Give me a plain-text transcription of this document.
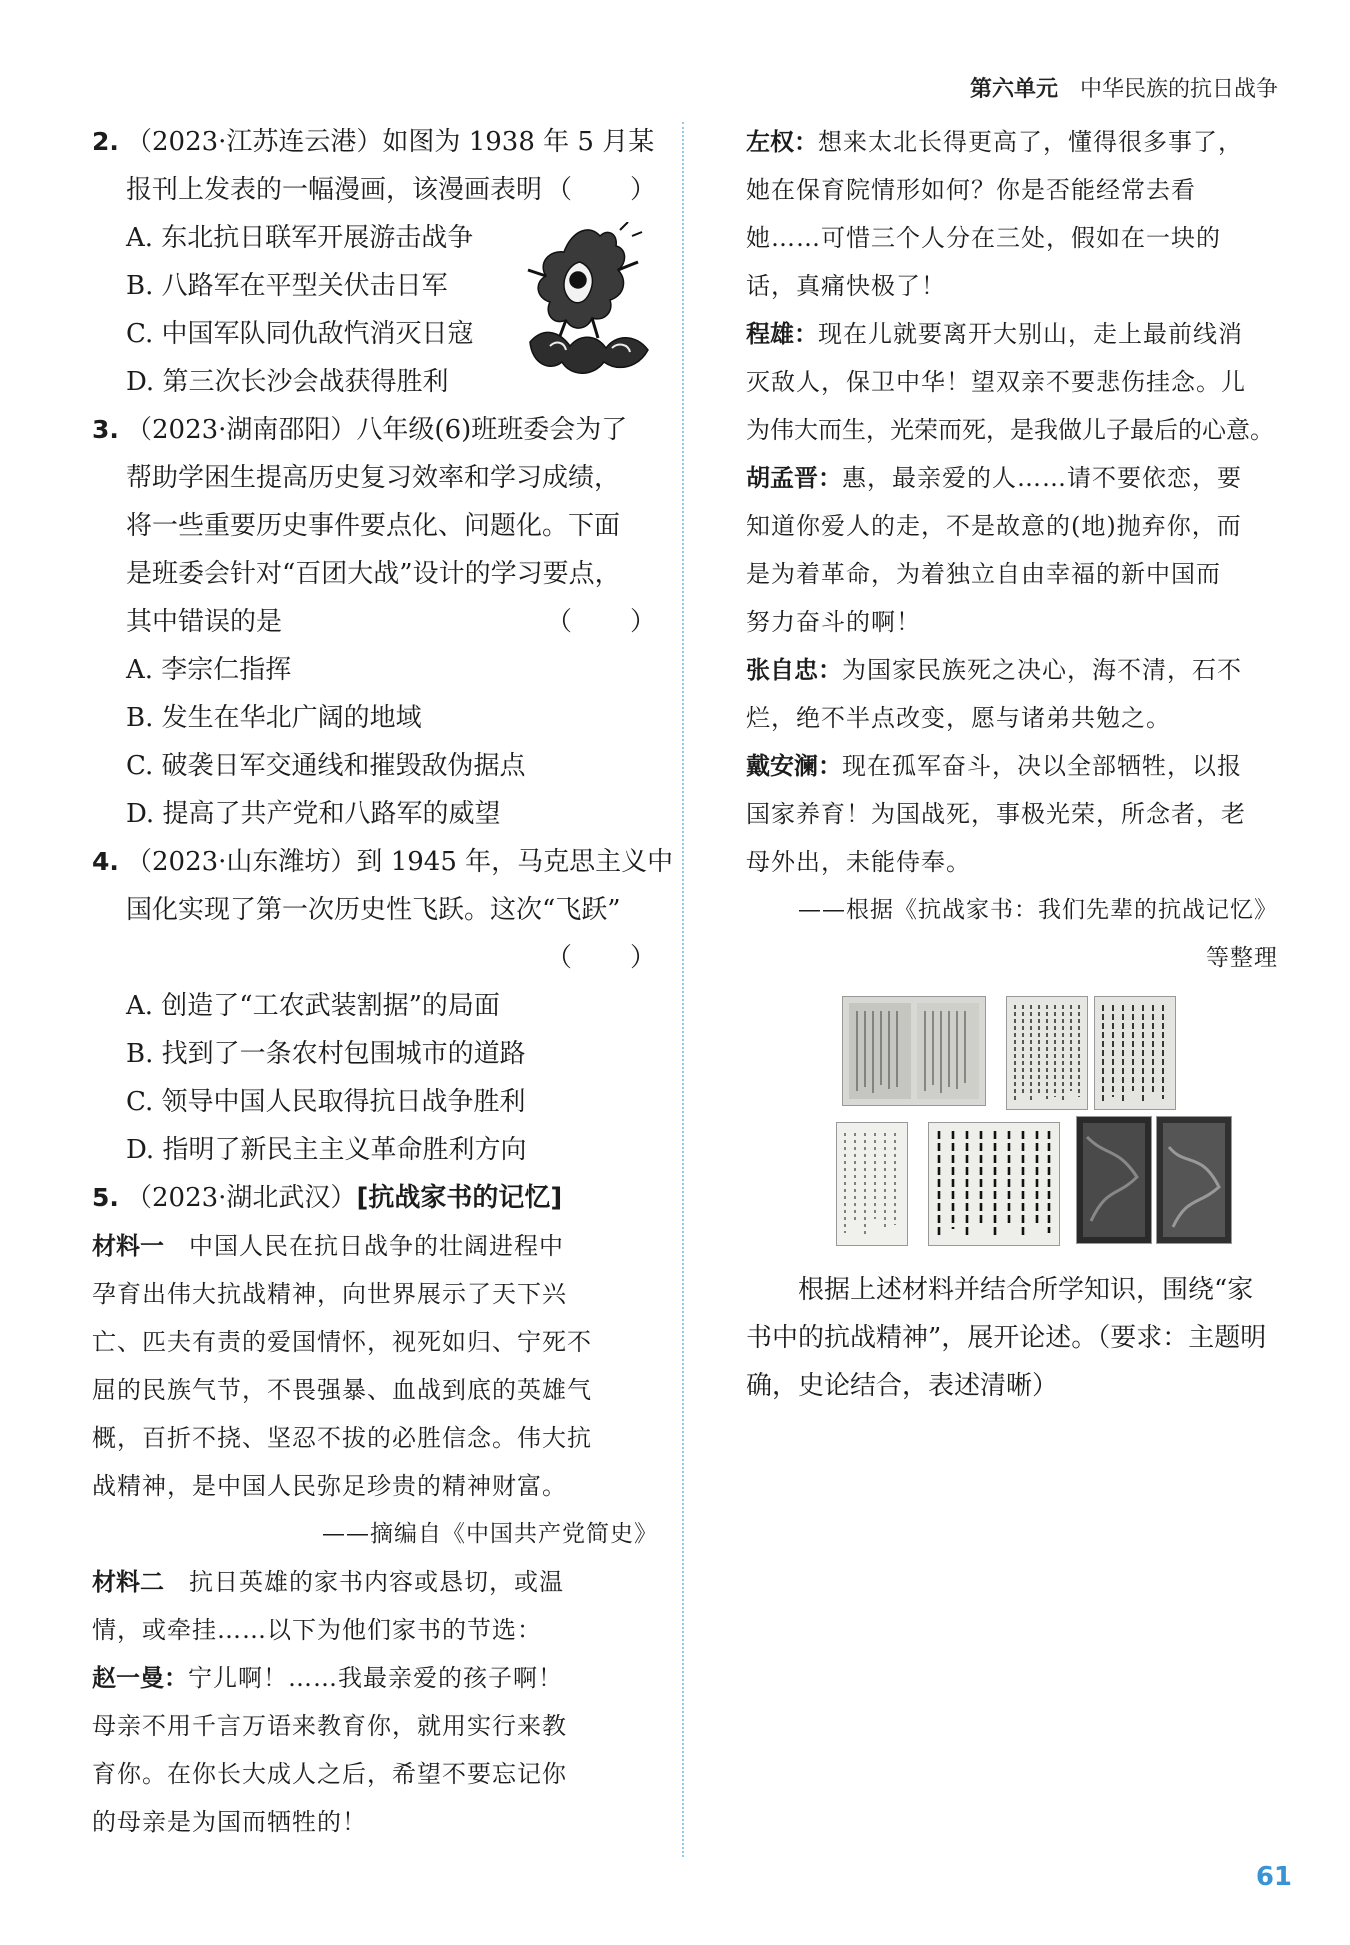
第六单元 中华民族的抗日战争
2. （2023·江苏连云港）如图为 1938 年 5 月某
报刊上发表的一幅漫画，该漫画表明 （　　）
A. 东北抗日联军开展游击战争
B. 八路军在平型关伏击日军
C. 中国军队同仇敌忾消灭日寇
D. 第三次长沙会战获得胜利
3. （2023·湖南邵阳）八年级(6)班班委会为了
帮助学困生提高历史复习效率和学习成绩，
将一些重要历史事件要点化、问题化。下面
是班委会针对“百团大战”设计的学习要点，
其中错误的是	（　　）
A. 李宗仁指挥
B. 发生在华北广阔的地域
C. 破袭日军交通线和摧毁敌伪据点
D. 提高了共产党和八路军的威望
4. （2023·山东潍坊）到 1945 年，马克思主义中
国化实现了第一次历史性飞跃。这次“飞跃”
（　　）
A. 创造了“工农武装割据”的局面
B. 找到了一条农村包围城市的道路
C. 领导中国人民取得抗日战争胜利
D. 指明了新民主主义革命胜利方向
5. （2023·湖北武汉）[抗战家书的记忆]
材料一　中国人民在抗日战争的壮阔进程中
孕育出伟大抗战精神，向世界展示了天下兴
亡、匹夫有责的爱国情怀，视死如归、宁死不
屈的民族气节，不畏强暴、血战到底的英雄气
概，百折不挠、坚忍不拔的必胜信念。伟大抗
战精神，是中国人民弥足珍贵的精神财富。
——摘编自《中国共产党简史》
材料二　抗日英雄的家书内容或恳切，或温
情，或牵挂……以下为他们家书的节选：
赵一曼：宁儿啊！……我最亲爱的孩子啊！
母亲不用千言万语来教育你，就用实行来教
育你。在你长大成人之后，希望不要忘记你
的母亲是为国而牺牲的！
左权：想来太北长得更高了，懂得很多事了，
她在保育院情形如何？你是否能经常去看
她……可惜三个人分在三处，假如在一块的
话，真痛快极了！
程雄：现在儿就要离开大别山，走上最前线消
灭敌人，保卫中华！望双亲不要悲伤挂念。儿
为伟大而生，光荣而死，是我做儿子最后的心意。
胡孟晋：惠，最亲爱的人……请不要依恋，要
知道你爱人的走，不是故意的(地)抛弃你，而
是为着革命，为着独立自由幸福的新中国而
努力奋斗的啊！
张自忠：为国家民族死之决心，海不清，石不
烂，绝不半点改变，愿与诸弟共勉之。
戴安澜：现在孤军奋斗，决以全部牺牲，以报
国家养育！为国战死，事极光荣，所念者，老
母外出，未能侍奉。
——根据《抗战家书：我们先辈的抗战记忆》
等整理
根据上述材料并结合所学知识，围绕“家
书中的抗战精神”，展开论述。（要求：主题明
确，史论结合，表述清晰）
61
